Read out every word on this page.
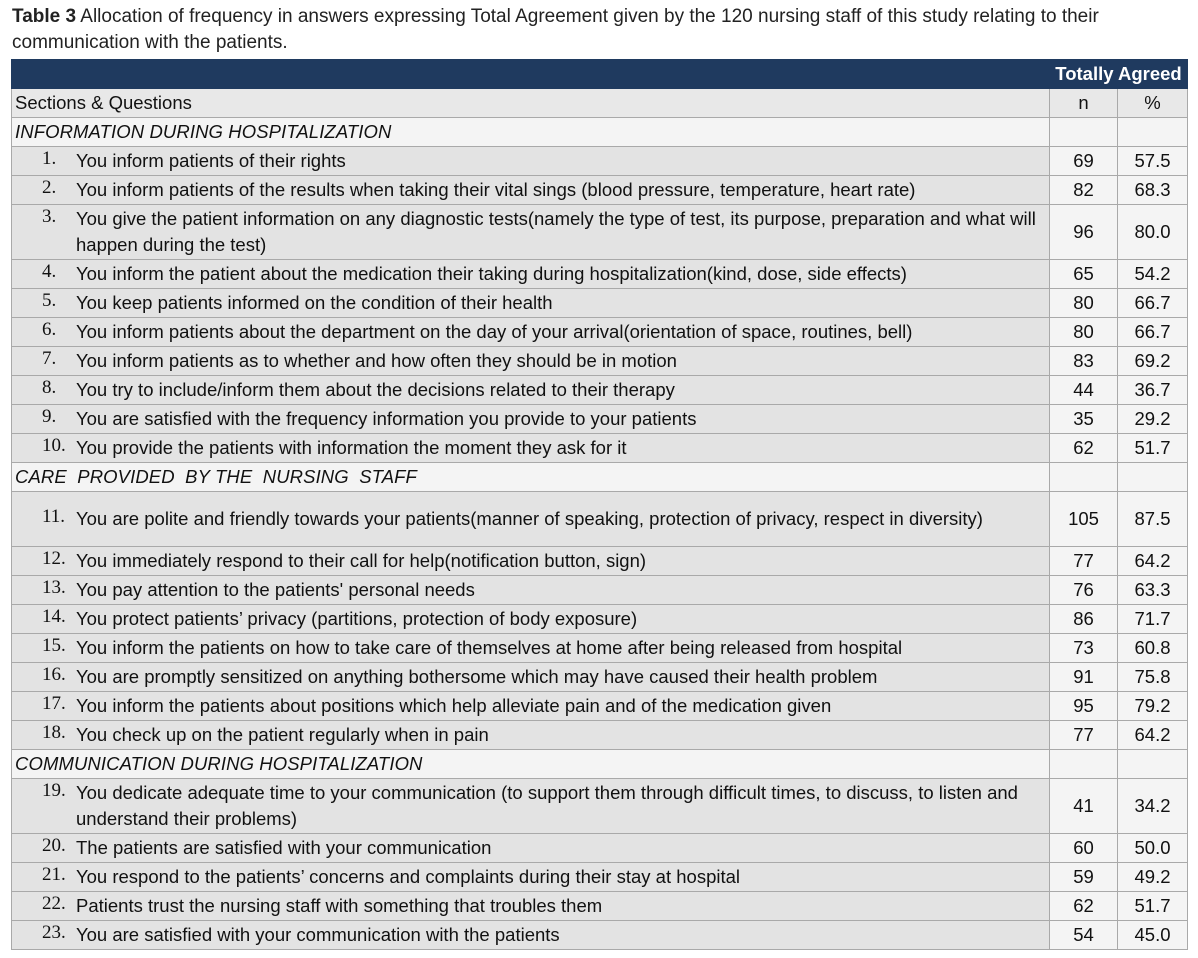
Table 3 Allocation of frequency in answers expressing Total Agreement given by the 120 nursing staff of this study relating to their communication with the patients.
	Totally Agreed	
Sections & Questions	n	%
INFORMATION DURING HOSPITALIZATION		

1. You inform patients of their rights	69	57.5

2. You inform patients of the results when taking their vital sings (blood pressure, temperature, heart rate)	82	68.3

3. You give the patient information on any diagnostic tests(namely the type of test, its purpose, preparation and what will happen during the test)	96	80.0

4. You inform the patient about the medication their taking during hospitalization(kind, dose, side effects)	65	54.2

5. You keep patients informed on the condition of their health	80	66.7

6. You inform patients about the department on the day of your arrival(orientation of space, routines, bell)	80	66.7

7. You inform patients as to whether and how often they should be in motion	83	69.2

8. You try to include/inform them about the decisions related to their therapy	44	36.7

9. You are satisfied with the frequency information you provide to your patients	35	29.2

10. You provide the patients with information the moment they ask for it	62	51.7
CARE  PROVIDED  BY THE  NURSING  STAFF		

11. You are polite and friendly towards your patients(manner of speaking, protection of privacy, respect in diversity)	105	87.5

12. You immediately respond to their call for help(notification button, sign)	77	64.2

13. You pay attention to the patients' personal needs	76	63.3

14. You protect patients’ privacy (partitions, protection of body exposure)	86	71.7

15. You inform the patients on how to take care of themselves at home after being released from hospital	73	60.8

16. You are promptly sensitized on anything bothersome which may have caused their health problem	91	75.8

17. You inform the patients about positions which help alleviate pain and of the medication given	95	79.2

18. You check up on the patient regularly when in pain	77	64.2
COMMUNICATION DURING HOSPITALIZATION		

19. You dedicate adequate time to your communication (to support them through difficult times, to discuss, to listen and understand their problems)	41	34.2

20. The patients are satisfied with your communication	60	50.0

21. You respond to the patients’ concerns and complaints during their stay at hospital	59	49.2

22. Patients trust the nursing staff with something that troubles them	62	51.7

23. You are satisfied with your communication with the patients	54	45.0
